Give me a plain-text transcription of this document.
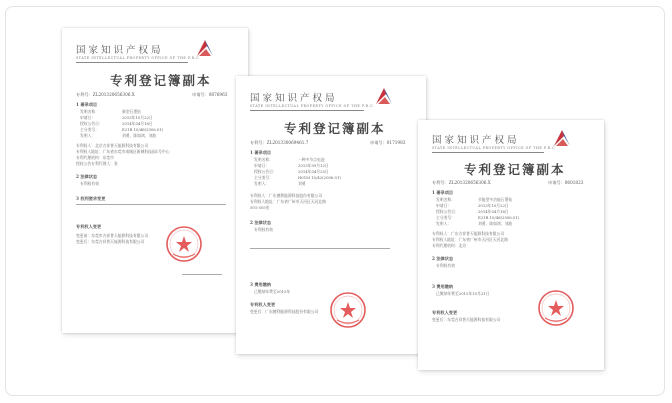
国家知识产权局
STATE INTELLECTUAL PROPERTY OFFICE OF THE P.R.C
专利登记簿副本
专利号：ZL201320656306.X	申请号：0876963
1 著录项目
发明名称：	新型石墨钻
申请日：	2013年10月22日
授权公告日：	2014年04月16日
主分类号：	E21B 10/46(2006.01)
发明人：	刘勇、陈如鸿、刘波
专利权人：北京吉祥普天能源科技有限公司
专利权人地址：广东省东莞市南城区新城科技园1号中心
专利代理机构：东莞市
授权公告专利代理人：张
2 法律状态
专利权有效
3 权利要求变更
专利权人变更
变更前：东莞市吉祥普天能源科技有限公司
变更后：东莞吉祥普天能源科技有限公司
国家知识产权局
STATE INTELLECTUAL PROPERTY OFFICE OF THE P.R.C
专利登记簿副本
专利号：ZL201330069461.7	申请号：0171983
1 著录项目
发明名称：	一种多节点电池
申请日：	2013年09月12日
授权公告日：	2014年04月25日
主分类号：	H01M 10/42(2006.01)
发明人：	刘勇
专利权人：广东德利能源科技股份有限公司
专利权人地址：广东省广州市天河区天河北路
501-505室
2 法律状态
专利权有效
3 费用缴纳
已缴纳年费至2015年
专利权人变更
变更后：广东德利能源科技股份有限公司
国家知识产权局
STATE INTELLECTUAL PROPERTY OFFICE OF THE P.R.C
专利登记簿副本
专利号：ZL201320656306.X	申请号：0601823
1 著录项目
发明名称：	节能型多功能石墨钻
申请日：	2013年10月22日
授权公告日：	2014年04月16日
主分类号：	E21B 10/46(2006.01)
发明人：	刘勇、陈如鸿、刘波
专利权人：广东吉祥普天能源科技有限公司
专利权人地址：广东省广州市天河区天河北路
专利代理机构：北京
2 法律状态
专利权有效
3 费用缴纳
已缴纳年费至2015年10月21日
专利权人变更
变更后：东莞吉祥普天能源科技有限公司
